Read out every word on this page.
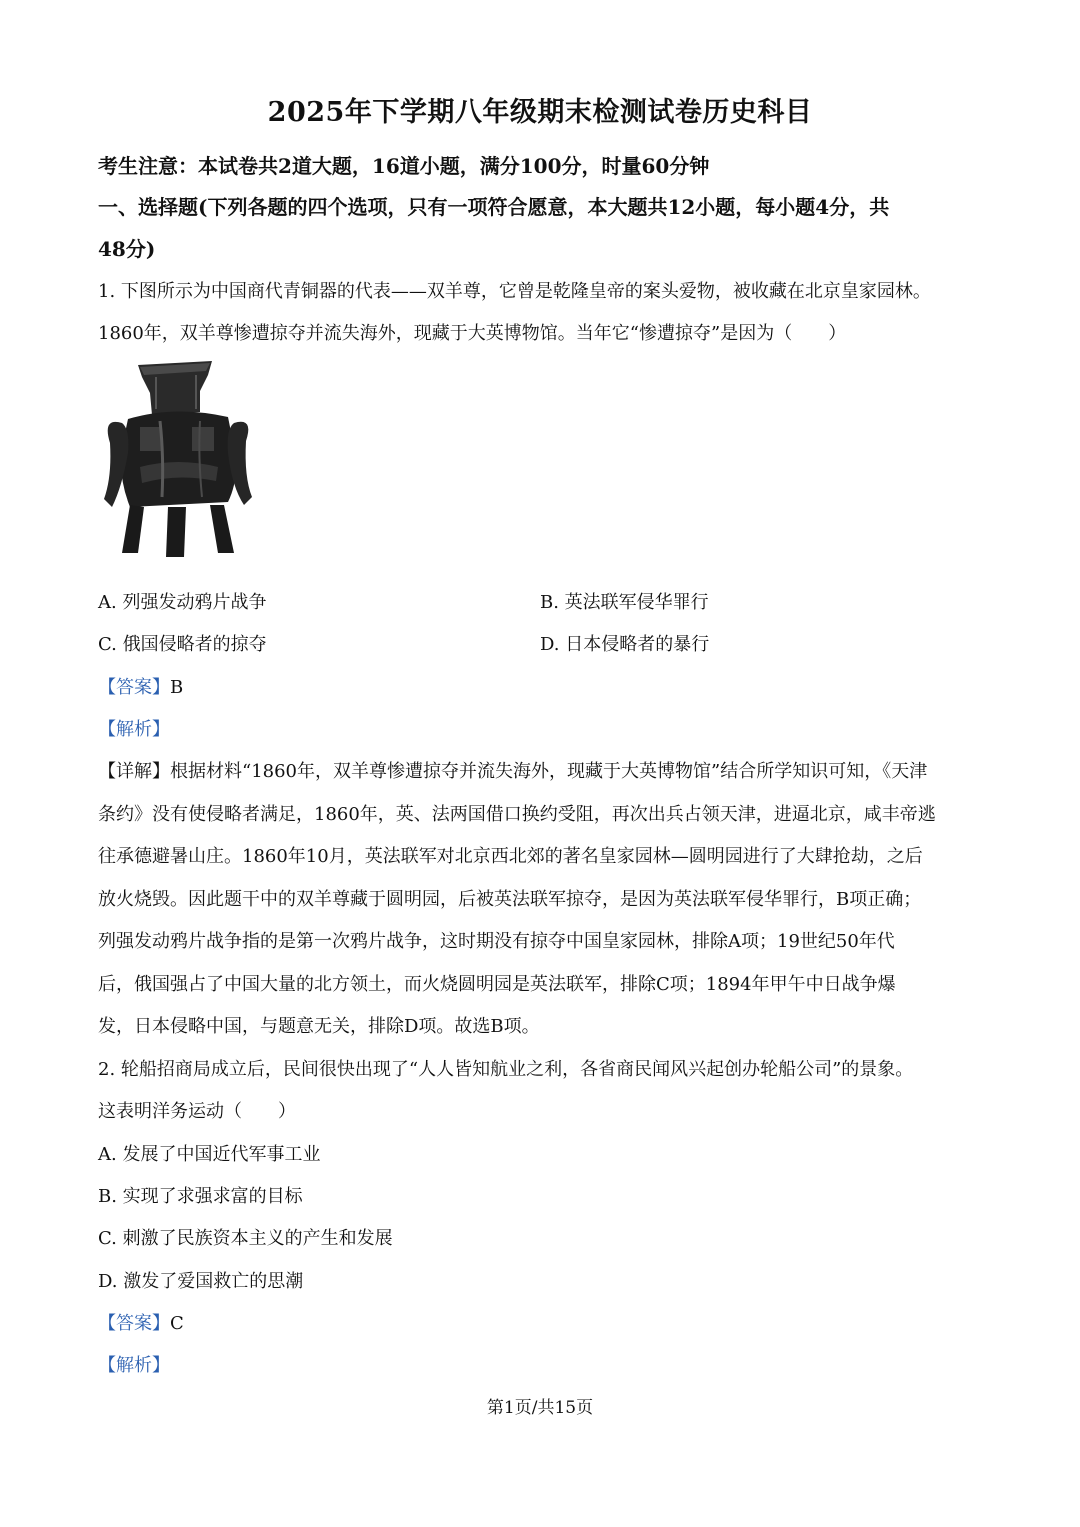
2025年下学期八年级期末检测试卷历史科目
考生注意：本试卷共2道大题，16道小题，满分100分，时量60分钟
一、选择题(下列各题的四个选项，只有一项符合愿意，本大题共12小题，每小题4分，共
48分)
1. 下图所示为中国商代青铜器的代表——双羊尊，它曾是乾隆皇帝的案头爱物，被收藏在北京皇家园林。
1860年，双羊尊惨遭掠夺并流失海外，现藏于大英博物馆。当年它“惨遭掠夺”是因为（　　）
A. 列强发动鸦片战争	B. 英法联军侵华罪行
C. 俄国侵略者的掠夺	D. 日本侵略者的暴行
【答案】B
【解析】
【详解】根据材料“1860年，双羊尊惨遭掠夺并流失海外，现藏于大英博物馆”结合所学知识可知，《天津
条约》没有使侵略者满足，1860年，英、法两国借口换约受阻，再次出兵占领天津，进逼北京，咸丰帝逃
往承德避暑山庄。1860年10月，英法联军对北京西北郊的著名皇家园林—圆明园进行了大肆抢劫，之后
放火烧毁。因此题干中的双羊尊藏于圆明园，后被英法联军掠夺，是因为英法联军侵华罪行，B项正确；
列强发动鸦片战争指的是第一次鸦片战争，这时期没有掠夺中国皇家园林，排除A项；19世纪50年代
后，俄国强占了中国大量的北方领土，而火烧圆明园是英法联军，排除C项；1894年甲午中日战争爆
发，日本侵略中国，与题意无关，排除D项。故选B项。
2. 轮船招商局成立后，民间很快出现了“人人皆知航业之利，各省商民闻风兴起创办轮船公司”的景象。
这表明洋务运动（　　）
A. 发展了中国近代军事工业
B. 实现了求强求富的目标
C. 刺激了民族资本主义的产生和发展
D. 激发了爱国救亡的思潮
【答案】C
【解析】
第1页/共15页
